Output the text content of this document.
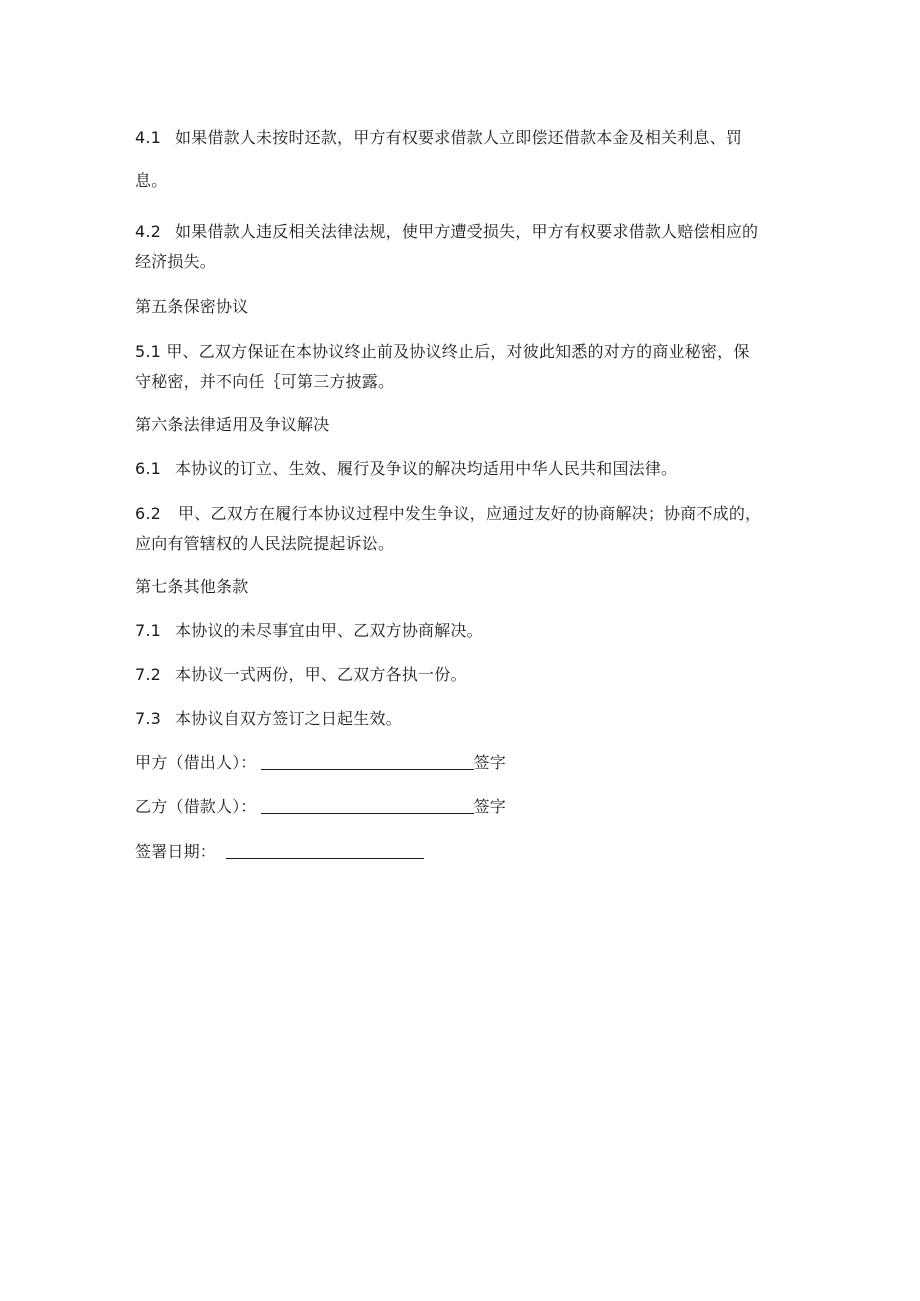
4.1 如果借款人未按时还款，甲方有权要求借款人立即偿还借款本金及相关利息、罚
息。
4.2 如果借款人违反相关法律法规，使甲方遭受损失，甲方有权要求借款人赔偿相应的
经济损失。
第五条保密协议
5.1 甲、乙双方保证在本协议终止前及协议终止后，对彼此知悉的对方的商业秘密，保
守秘密，并不向任｛可第三方披露。
第六条法律适用及争议解决
6.1 本协议的订立、生效、履行及争议的解决均适用中华人民共和国法律。
6.2 甲、乙双方在履行本协议过程中发生争议，应通过友好的协商解决；协商不成的，
应向有管辖权的人民法院提起诉讼。
第七条其他条款
7.1 本协议的未尽事宜由甲、乙双方协商解决。
7.2 本协议一式两份，甲、乙双方各执一份。
7.3 本协议自双方签订之日起生效。
甲方（借出人）：	签字
乙方（借款人）：	签字
签署日期：
